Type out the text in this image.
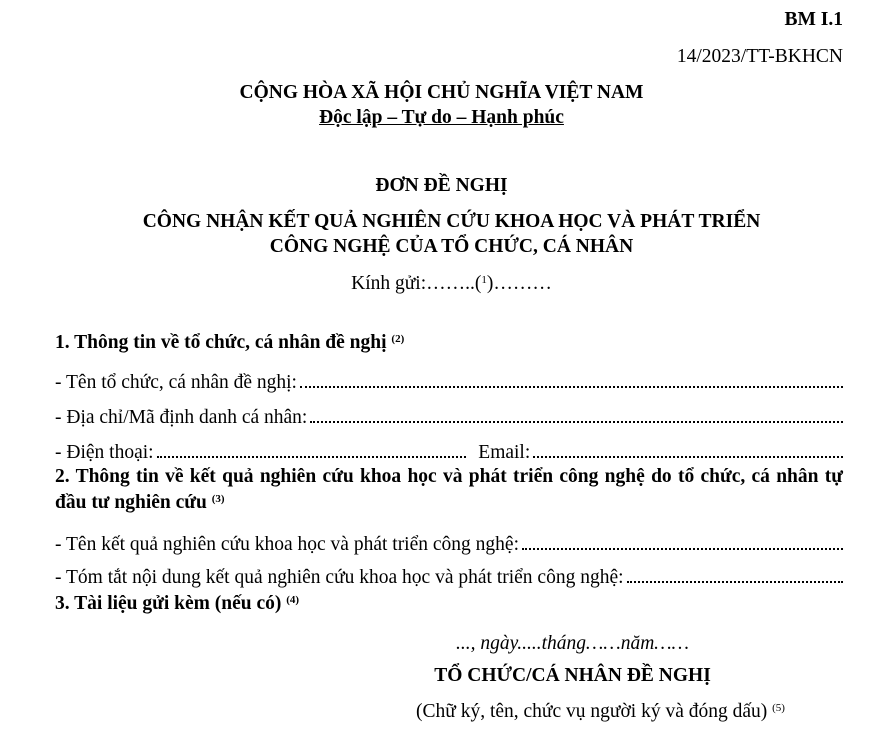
BM I.1
14/2023/TT-BKHCN
CỘNG HÒA XÃ HỘI CHỦ NGHĨA VIỆT NAM
Độc lập – Tự do – Hạnh phúc
ĐƠN ĐỀ NGHỊ
CÔNG NHẬN KẾT QUẢ NGHIÊN CỨU KHOA HỌC VÀ PHÁT TRIỂN
CÔNG NGHỆ CỦA TỔ CHỨC, CÁ NHÂN
Kính gửi:……..($^1$)………
1. Thông tin về tổ chức, cá nhân đề nghị $^{(2)}$
- Tên tổ chức, cá nhân đề nghị:
- Địa chỉ/Mã định danh cá nhân:
- Điện thoại:	Email:
2. Thông tin về kết quả nghiên cứu khoa học và phát triển công nghệ do tổ chức, cá nhân tự đầu tư nghiên cứu $^{(3)}$
- Tên kết quả nghiên cứu khoa học và phát triển công nghệ:
- Tóm tắt nội dung kết quả nghiên cứu khoa học và phát triển công nghệ:
3. Tài liệu gửi kèm (nếu có) $^{(4)}$
..., ngày.....tháng……năm……
TỔ CHỨC/CÁ NHÂN ĐỀ NGHỊ
(Chữ ký, tên, chức vụ người ký và đóng dấu) $^{(5)}$
